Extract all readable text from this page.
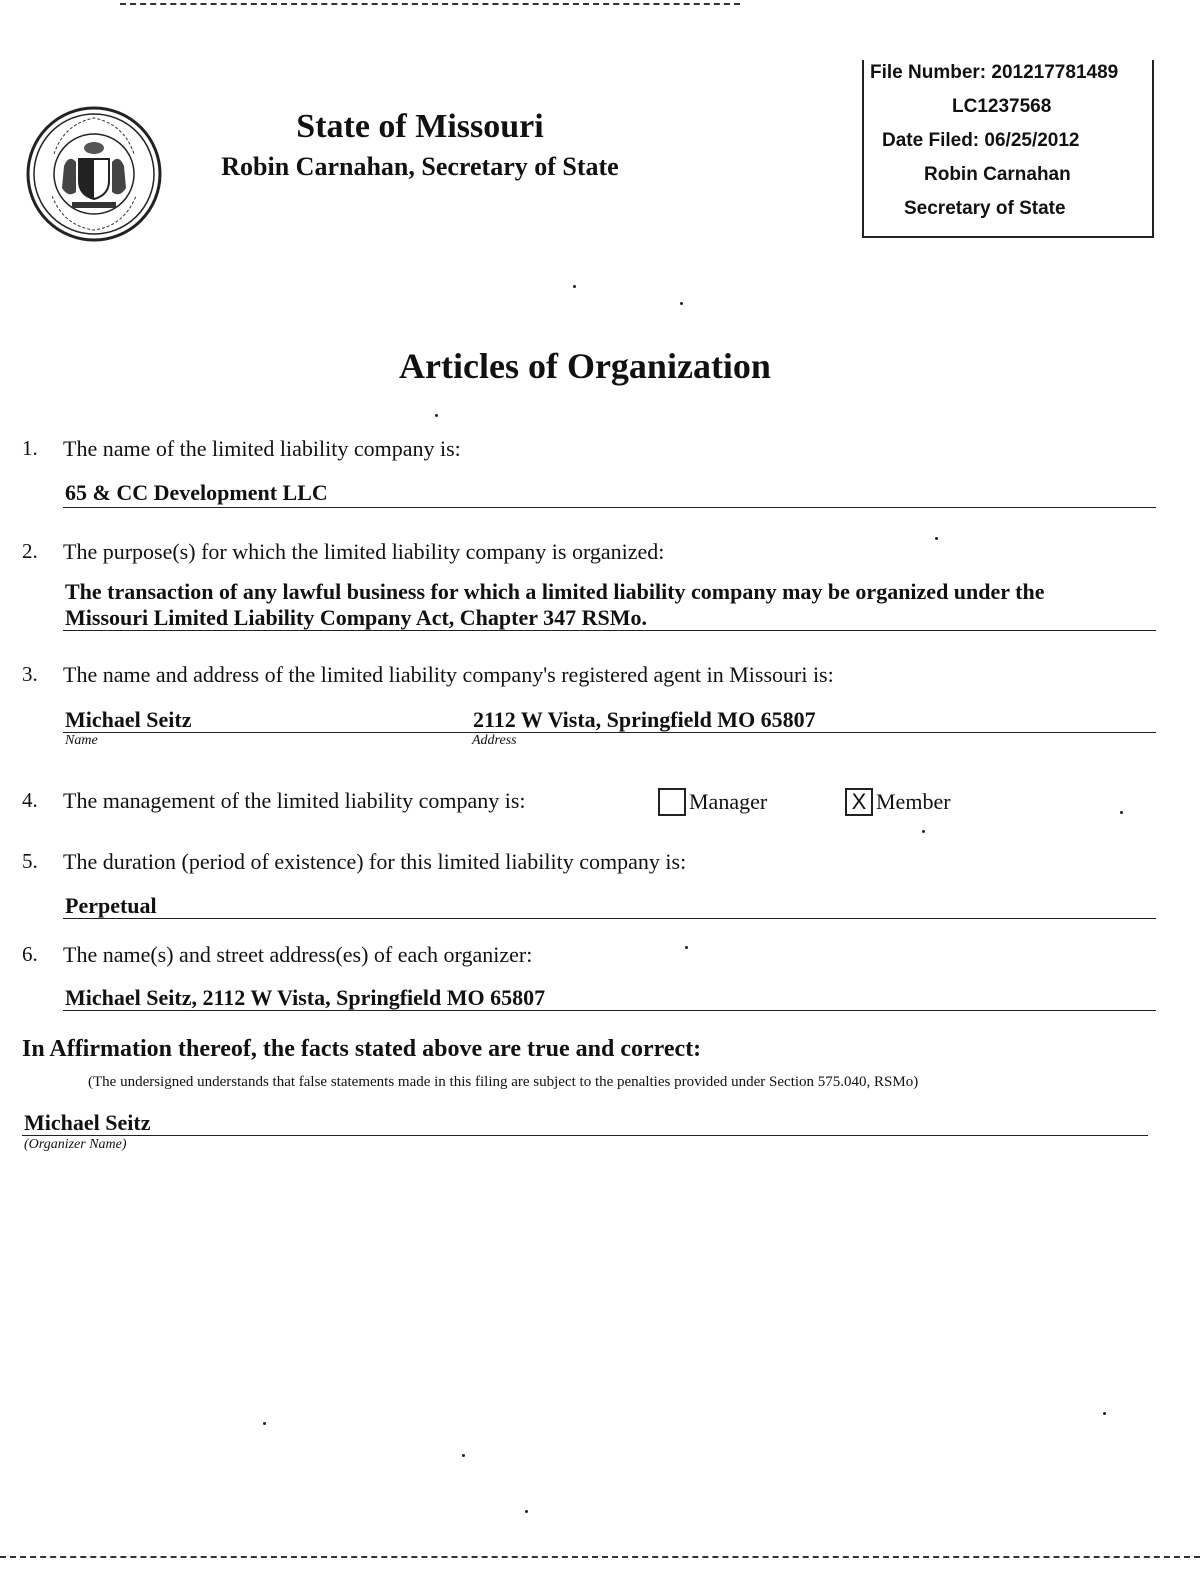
State of Missouri
Robin Carnahan, Secretary of State
File Number: 201217781489
LC1237568
Date Filed: 06/25/2012
Robin Carnahan
Secretary of State
Articles of Organization
1. The name of the limited liability company is:
65 & CC Development LLC
2. The purpose(s) for which the limited liability company is organized:
The transaction of any lawful business for which a limited liability company may be organized under the
Missouri Limited Liability Company Act, Chapter 347 RSMo.
3. The name and address of the limited liability company's registered agent in Missouri is:
Michael Seitz	2112 W Vista, Springfield MO 65807
Name	Address
4. The management of the limited liability company is:	Manager	X Member
5. The duration (period of existence) for this limited liability company is:
Perpetual
6. The name(s) and street address(es) of each organizer:
Michael Seitz, 2112 W Vista, Springfield MO 65807
In Affirmation thereof, the facts stated above are true and correct:
(The undersigned understands that false statements made in this filing are subject to the penalties provided under Section 575.040, RSMo)
Michael Seitz
(Organizer Name)
